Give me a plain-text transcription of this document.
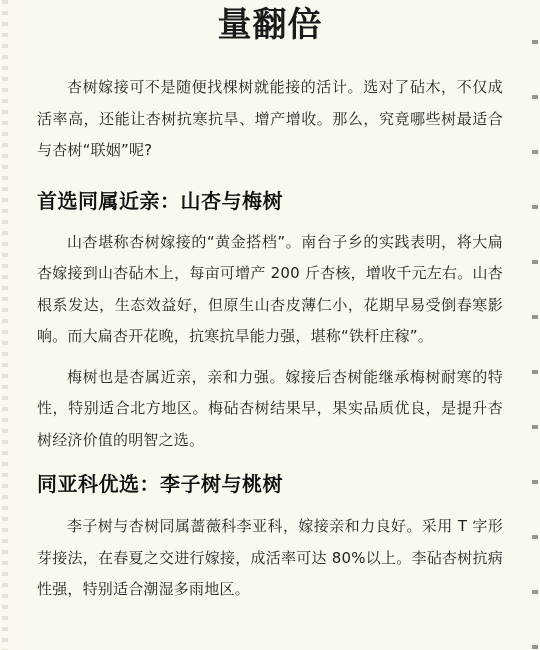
量翻倍

杏树嫁接可不是随便找棵树就能接的活计。选对了砧木，不仅成活率高，还能让杏树抗寒抗旱、增产增收。那么，究竟哪些树最适合与杏树“联姻”呢?

首选同属近亲：山杏与梅树

山杏堪称杏树嫁接的“黄金搭档”。南台子乡的实践表明，将大扁杏嫁接到山杏砧木上，每亩可增产 200 斤杏核，增收千元左右。山杏根系发达，生态效益好，但原生山杏皮薄仁小，花期早易受倒春寒影响。而大扁杏开花晚，抗寒抗旱能力强，堪称“铁杆庄稼”。

梅树也是杏属近亲，亲和力强。嫁接后杏树能继承梅树耐寒的特性，特别适合北方地区。梅砧杏树结果早，果实品质优良，是提升杏树经济价值的明智之选。

同亚科优选：李子树与桃树

李子树与杏树同属蔷薇科李亚科，嫁接亲和力良好。采用 T 字形芽接法，在春夏之交进行嫁接，成活率可达 80%以上。李砧杏树抗病性强，特别适合潮湿多雨地区。
